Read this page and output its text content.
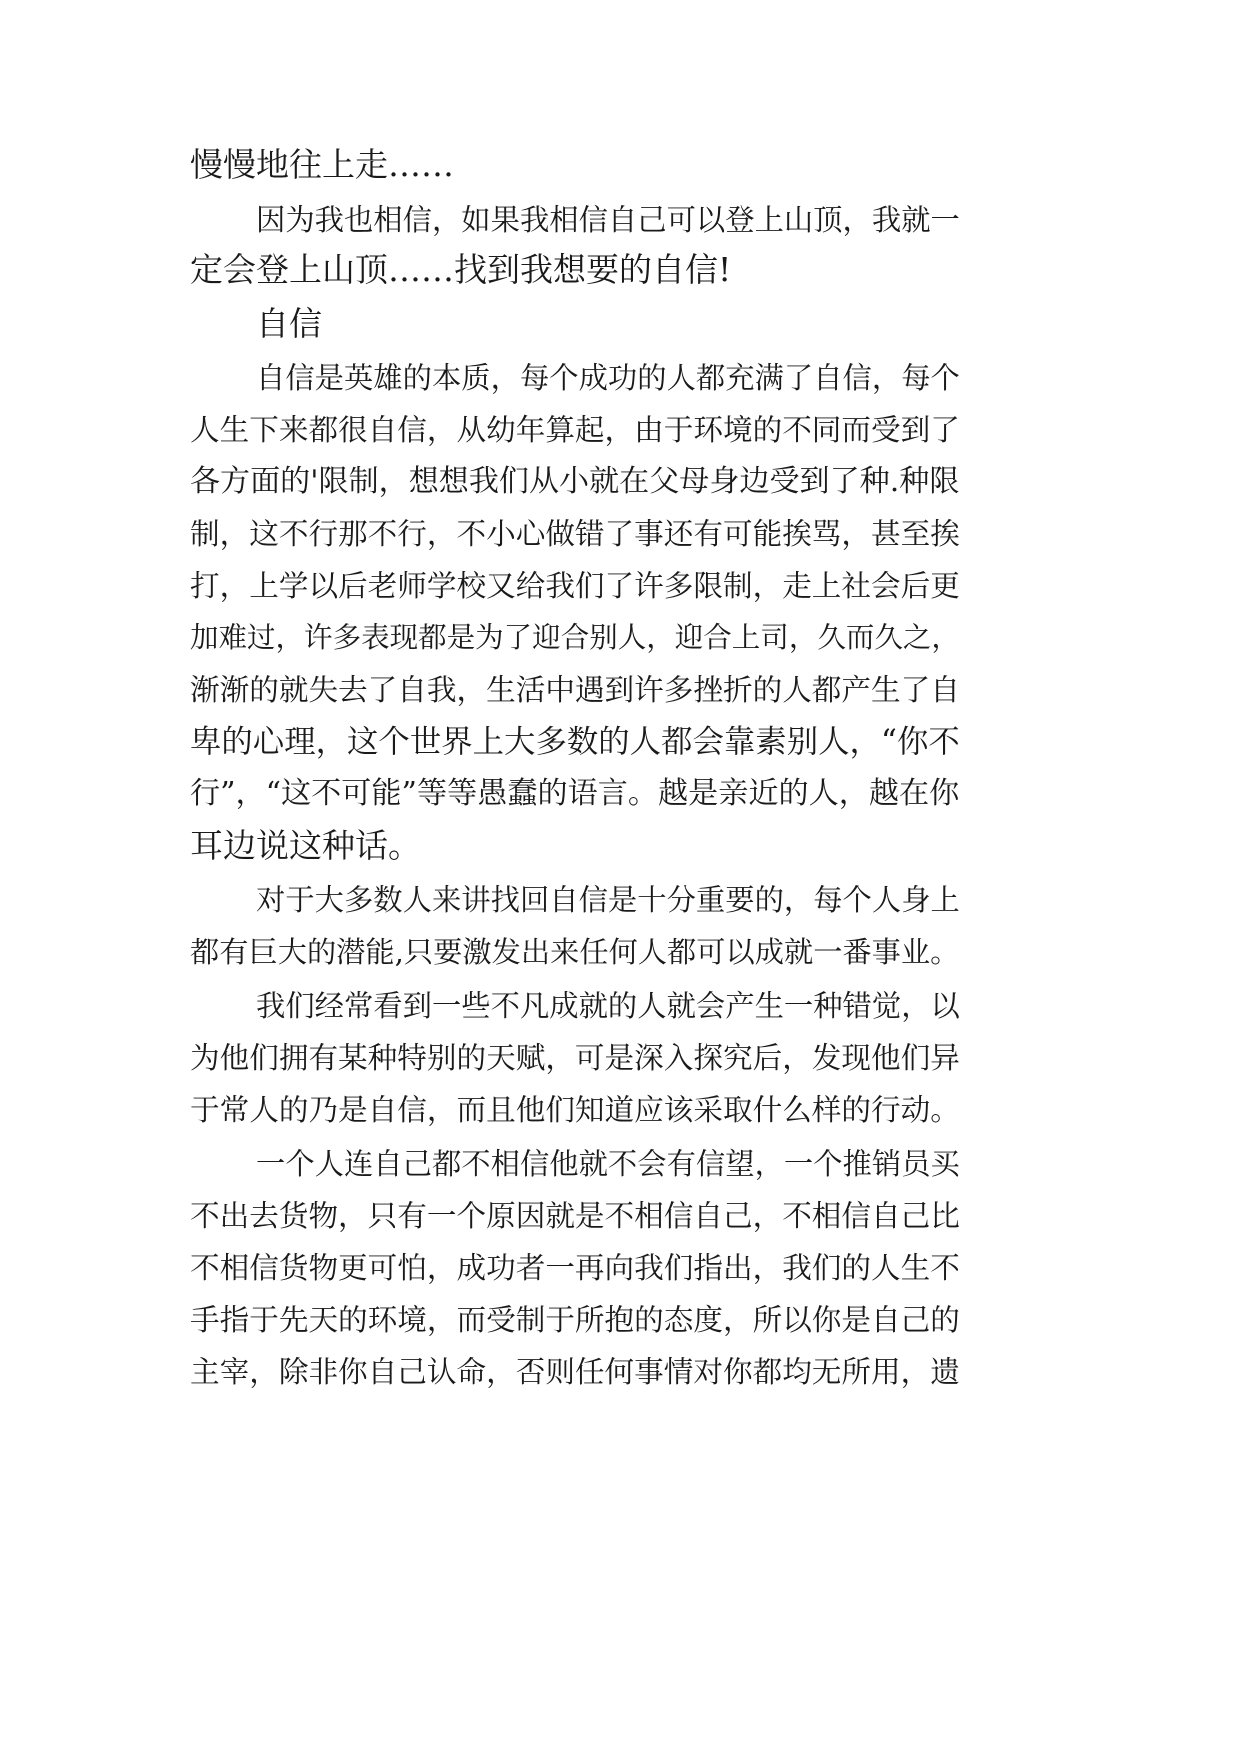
慢慢地往上走……
因为我也相信，如果我相信自己可以登上山顶，我就一
定会登上山顶……找到我想要的自信!
自信
自信是英雄的本质，每个成功的人都充满了自信，每个
人生下来都很自信，从幼年算起，由于环境的不同而受到了
各方面的'限制，想想我们从小就在父母身边受到了种.种限
制，这不行那不行，不小心做错了事还有可能挨骂，甚至挨
打，上学以后老师学校又给我们了许多限制，走上社会后更
加难过，许多表现都是为了迎合别人，迎合上司，久而久之，
渐渐的就失去了自我，生活中遇到许多挫折的人都产生了自
卑的心理，这个世界上大多数的人都会靠素别人，“你不
行”，“这不可能”等等愚蠢的语言。越是亲近的人，越在你
耳边说这种话。
对于大多数人来讲找回自信是十分重要的，每个人身上
都有巨大的潜能,只要激发出来任何人都可以成就一番事业。
我们经常看到一些不凡成就的人就会产生一种错觉，以
为他们拥有某种特别的天赋，可是深入探究后，发现他们异
于常人的乃是自信，而且他们知道应该采取什么样的行动。
一个人连自己都不相信他就不会有信望，一个推销员买
不出去货物，只有一个原因就是不相信自己，不相信自己比
不相信货物更可怕，成功者一再向我们指出，我们的人生不
手指于先天的环境，而受制于所抱的态度，所以你是自己的
主宰，除非你自己认命，否则任何事情对你都均无所用，遗
